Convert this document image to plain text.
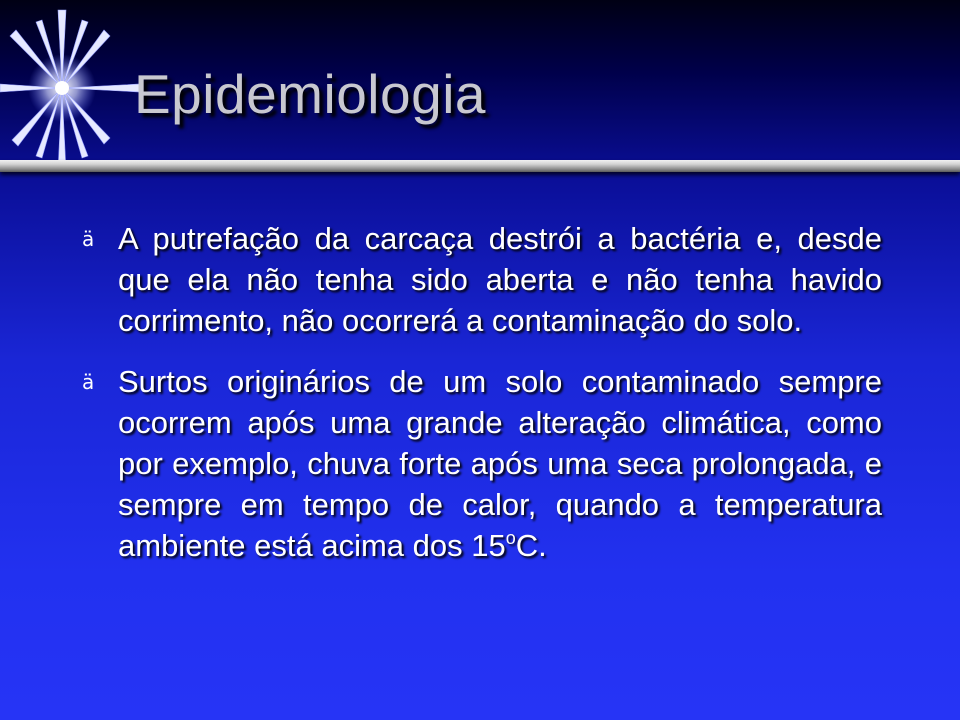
Epidemiologia
ä A putrefação da carcaça destrói a bactéria e, desde que ela não tenha sido aberta e não tenha havido corrimento, não ocorrerá a contaminação do solo.
ä Surtos originários de um solo contaminado sempre ocorrem após uma grande alteração climática, como por exemplo, chuva forte após uma seca prolongada, e sempre em tempo de calor, quando a temperatura ambiente está acima dos 15$^o$C.
